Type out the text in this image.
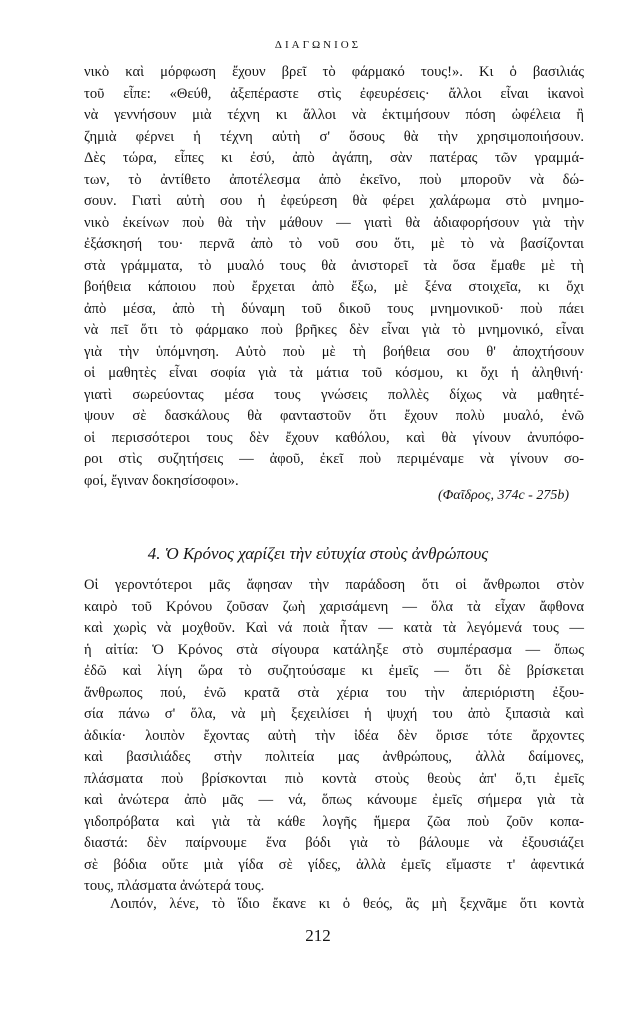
ΔΙΑΓΩΝΙΟΣ
νικὸ καὶ μόρφωση ἔχουν βρεῖ τὸ φάρμακό τους!». Κι ὁ βασιλιάς
τοῦ εἶπε: «Θεύθ, ἀξεπέραστε στὶς ἐφευρέσεις· ἄλλοι εἶναι ἱκανοὶ
νὰ γεννήσουν μιὰ τέχνη κι ἄλλοι νὰ ἐκτιμήσουν πόση ὠφέλεια ἢ
ζημιὰ φέρνει ἡ τέχνη αὐτὴ σ' ὅσους θὰ τὴν χρησιμοποιήσουν.
Δὲς τώρα, εἶπες κι ἐσύ, ἀπὸ ἀγάπη, σὰν πατέρας τῶν γραμμά-
των, τὸ ἀντίθετο ἀποτέλεσμα ἀπὸ ἐκεῖνο, ποὺ μποροῦν νὰ δώ-
σουν. Γιατὶ αὐτὴ σου ἡ ἐφεύρεση θὰ φέρει χαλάρωμα στὸ μνημο-
νικὸ ἐκείνων ποὺ θὰ τὴν μάθουν — γιατὶ θὰ ἀδιαφορήσουν γιὰ τὴν
ἐξάσκησή του· περνᾶ ἀπὸ τὸ νοῦ σου ὅτι, μὲ τὸ νὰ βασίζονται
στὰ γράμματα, τὸ μυαλό τους θὰ ἀνιστορεῖ τὰ ὅσα ἔμαθε μὲ τὴ
βοήθεια κάποιου ποὺ ἔρχεται ἀπὸ ἔξω, μὲ ξένα στοιχεῖα, κι ὄχι
ἀπὸ μέσα, ἀπὸ τὴ δύναμη τοῦ δικοῦ τους μνημονικοῦ· ποὺ πάει
νὰ πεῖ ὅτι τὸ φάρμακο ποὺ βρῆκες δὲν εἶναι γιὰ τὸ μνημονικό, εἶναι
γιὰ τὴν ὑπόμνηση. Αὐτὸ ποὺ μὲ τὴ βοήθεια σου θ' ἀποχτήσουν
οἱ μαθητὲς εἶναι σοφία γιὰ τὰ μάτια τοῦ κόσμου, κι ὄχι ἡ ἀληθινή·
γιατὶ σωρεύοντας μέσα τους γνώσεις πολλὲς δίχως νὰ μαθητέ-
ψουν σὲ δασκάλους θὰ φανταστοῦν ὅτι ἔχουν πολὺ μυαλό, ἐνῶ
οἱ περισσότεροι τους δὲν ἔχουν καθόλου, καὶ θὰ γίνουν ἀνυπόφο-
ροι στὶς συζητήσεις — ἀφοῦ, ἐκεῖ ποὺ περιμέναμε νὰ γίνουν σο-
φοί, ἔγιναν δοκησίσοφοι».
(Φαῖδρος, 374c - 275b)
4. Ὁ Κρόνος χαρίζει τὴν εὐτυχία στοὺς ἀνθρώπους
Οἱ γεροντότεροι μᾶς ἄφησαν τὴν παράδοση ὅτι οἱ ἄνθρωποι στὸν
καιρὸ τοῦ Κρόνου ζοῦσαν ζωὴ χαρισάμενη — ὅλα τὰ εἶχαν ἄφθονα
καὶ χωρὶς νὰ μοχθοῦν. Καὶ νά ποιὰ ἦταν — κατὰ τὰ λεγόμενά τους —
ἡ αἰτία: Ὁ Κρόνος στὰ σίγουρα κατάληξε στὸ συμπέρασμα — ὅπως
ἐδῶ καὶ λίγη ὥρα τὸ συζητούσαμε κι ἐμεῖς — ὅτι δὲ βρίσκεται
ἄνθρωπος πού, ἐνῶ κρατᾶ στὰ χέρια του τὴν ἀπεριόριστη ἐξου-
σία πάνω σ' ὅλα, νὰ μὴ ξεχειλίσει ἡ ψυχή του ἀπὸ ξιπασιὰ καὶ
ἀδικία· λοιπὸν ἔχοντας αὐτὴ τὴν ἰδέα δὲν ὅρισε τότε ἄρχοντες
καὶ βασιλιάδες στὴν πολιτεία μας ἀνθρώπους, ἀλλὰ δαίμονες,
πλάσματα ποὺ βρίσκονται πιὸ κοντὰ στοὺς θεοὺς ἀπ' ὅ,τι ἐμεῖς
καὶ ἀνώτερα ἀπὸ μᾶς — νά, ὅπως κάνουμε ἐμεῖς σήμερα γιὰ τὰ
γιδοπρόβατα καὶ γιὰ τὰ κάθε λογῆς ἥμερα ζῶα ποὺ ζοῦν κοπα-
διαστά: δὲν παίρνουμε ἕνα βόδι γιὰ τὸ βάλουμε νὰ ἐξουσιάζει
σὲ βόδια οὔτε μιὰ γίδα σὲ γίδες, ἀλλὰ ἐμεῖς εἴμαστε τ' ἀφεντικά
τους, πλάσματα ἀνώτερά τους.
Λοιπόν, λένε, τὸ ἴδιο ἔκανε κι ὁ θεός, ἂς μὴ ξεχνᾶμε ὅτι κοντὰ
212
